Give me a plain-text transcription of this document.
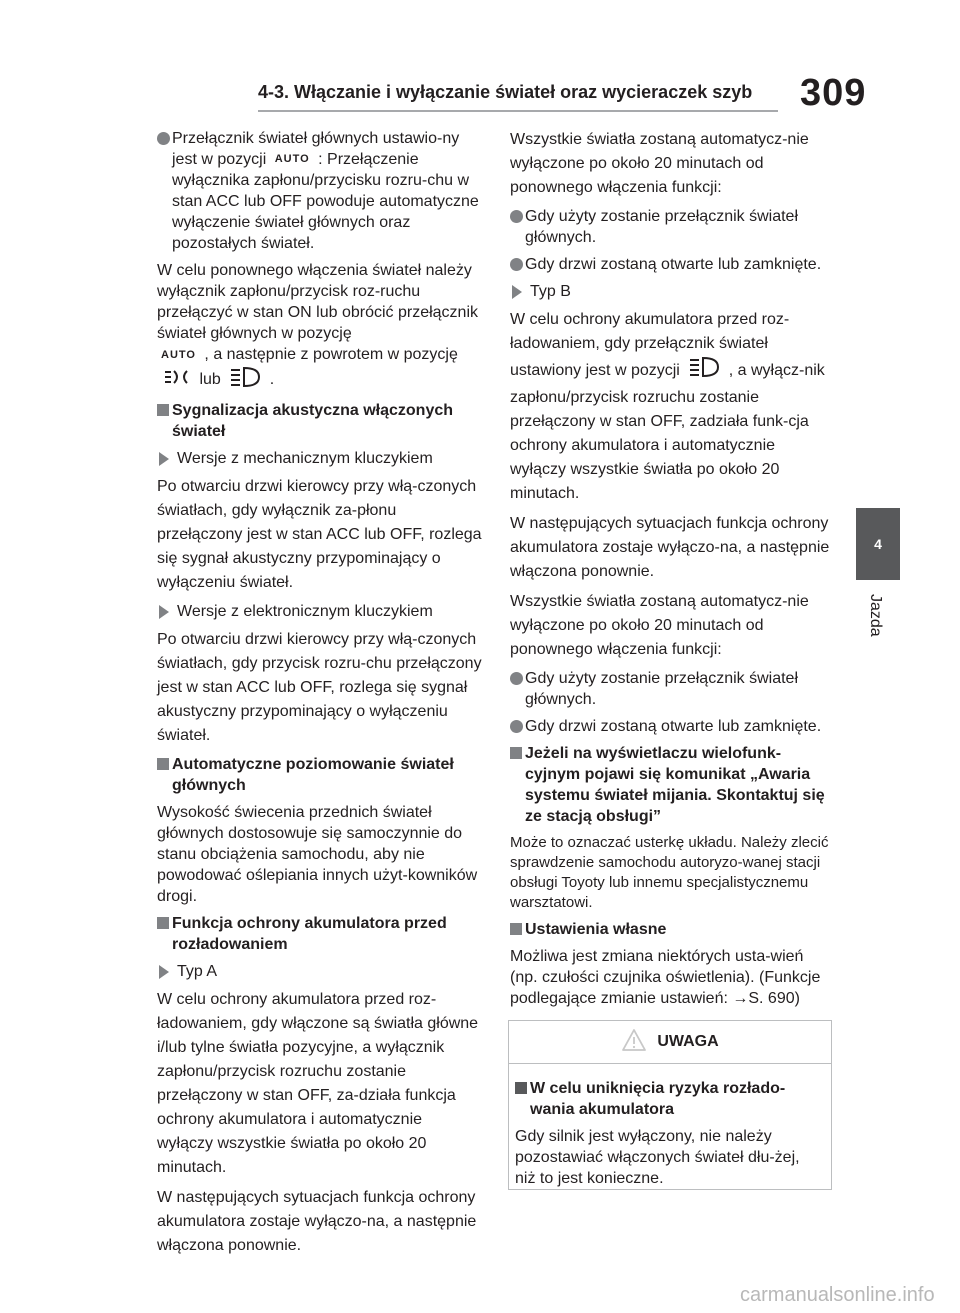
4-3. Włączanie i wyłączanie świateł oraz wycieraczek szyb 309
4
Jazda
Przełącznik świateł głównych ustawio-ny jest w pozycji AUTO : Przełączenie wyłącznika zapłonu/przycisku rozru-chu w stan ACC lub OFF powoduje automatyczne wyłączenie świateł głównych oraz pozostałych świateł.

W celu ponownego włączenia świateł należy wyłącznik zapłonu/przycisk roz-ruchu przełączyć w stan ON lub obrócić przełącznik świateł głównych w pozycję
AUTO , a następnie z powrotem w pozycję
lub	.

Sygnalizacja akustyczna włączonych świateł
Wersje z mechanicznym kluczykiem

Po otwarciu drzwi kierowcy przy włą-czonych światłach, gdy wyłącznik za-płonu przełączony jest w stan ACC lub OFF, rozlega się sygnał akustyczny przypominający o wyłączeniu świateł.

Wersje z elektronicznym kluczykiem

Po otwarciu drzwi kierowcy przy włą-czonych światłach, gdy przycisk rozru-chu przełączony jest w stan ACC lub OFF, rozlega się sygnał akustyczny przypominający o wyłączeniu świateł.

Automatyczne poziomowanie świateł głównych

Wysokość świecenia przednich świateł głównych dostosowuje się samoczynnie do stanu obciążenia samochodu, aby nie powodować oślepiania innych użyt-kowników drogi.

Funkcja ochrony akumulatora przed rozładowaniem
Typ A

W celu ochrony akumulatora przed roz-ładowaniem, gdy włączone są światła główne i/lub tylne światła pozycyjne, a wyłącznik zapłonu/przycisk rozruchu zostanie przełączony w stan OFF, za-działa funkcja ochrony akumulatora i automatycznie wyłączy wszystkie światła po około 20 minutach.

W następujących sytuacjach funkcja ochrony akumulatora zostaje wyłączo-na, a następnie włączona ponownie.

Wszystkie światła zostaną automatycz-nie wyłączone po około 20 minutach od ponownego włączenia funkcji:

Gdy użyty zostanie przełącznik świateł głównych.
Gdy drzwi zostaną otwarte lub zamknięte.
Typ B

W celu ochrony akumulatora przed roz-ładowaniem, gdy przełącznik świateł ustawiony jest w pozycji	, a wyłącz-nik zapłonu/przycisk rozruchu zostanie przełączony w stan OFF, zadziała funk-cja ochrony akumulatora i automatycznie wyłączy wszystkie światła po około 20 minutach.

W następujących sytuacjach funkcja ochrony akumulatora zostaje wyłączo-na, a następnie włączona ponownie.

Wszystkie światła zostaną automatycz-nie wyłączone po około 20 minutach od ponownego włączenia funkcji:

Gdy użyty zostanie przełącznik świateł głównych.
Gdy drzwi zostaną otwarte lub zamknięte.
Jeżeli na wyświetlaczu wielofunk-cyjnym pojawi się komunikat „Awaria systemu świateł mijania. Skontaktuj się ze stacją obsługi”

Może to oznaczać usterkę układu. Należy zlecić sprawdzenie samochodu autoryzo-wanej stacji obsługi Toyoty lub innemu specjalistycznemu warsztatowi.

Ustawienia własne

Możliwa jest zmiana niektórych usta-wień (np. czułości czujnika oświetlenia). (Funkcje podlegające zmianie ustawień: →S. 690)

UWAGA
W celu uniknięcia ryzyka rozłado-wania akumulatora

Gdy silnik jest wyłączony, nie należy pozostawiać włączonych świateł dłu-żej, niż to jest konieczne.

carmanualsonline.info
